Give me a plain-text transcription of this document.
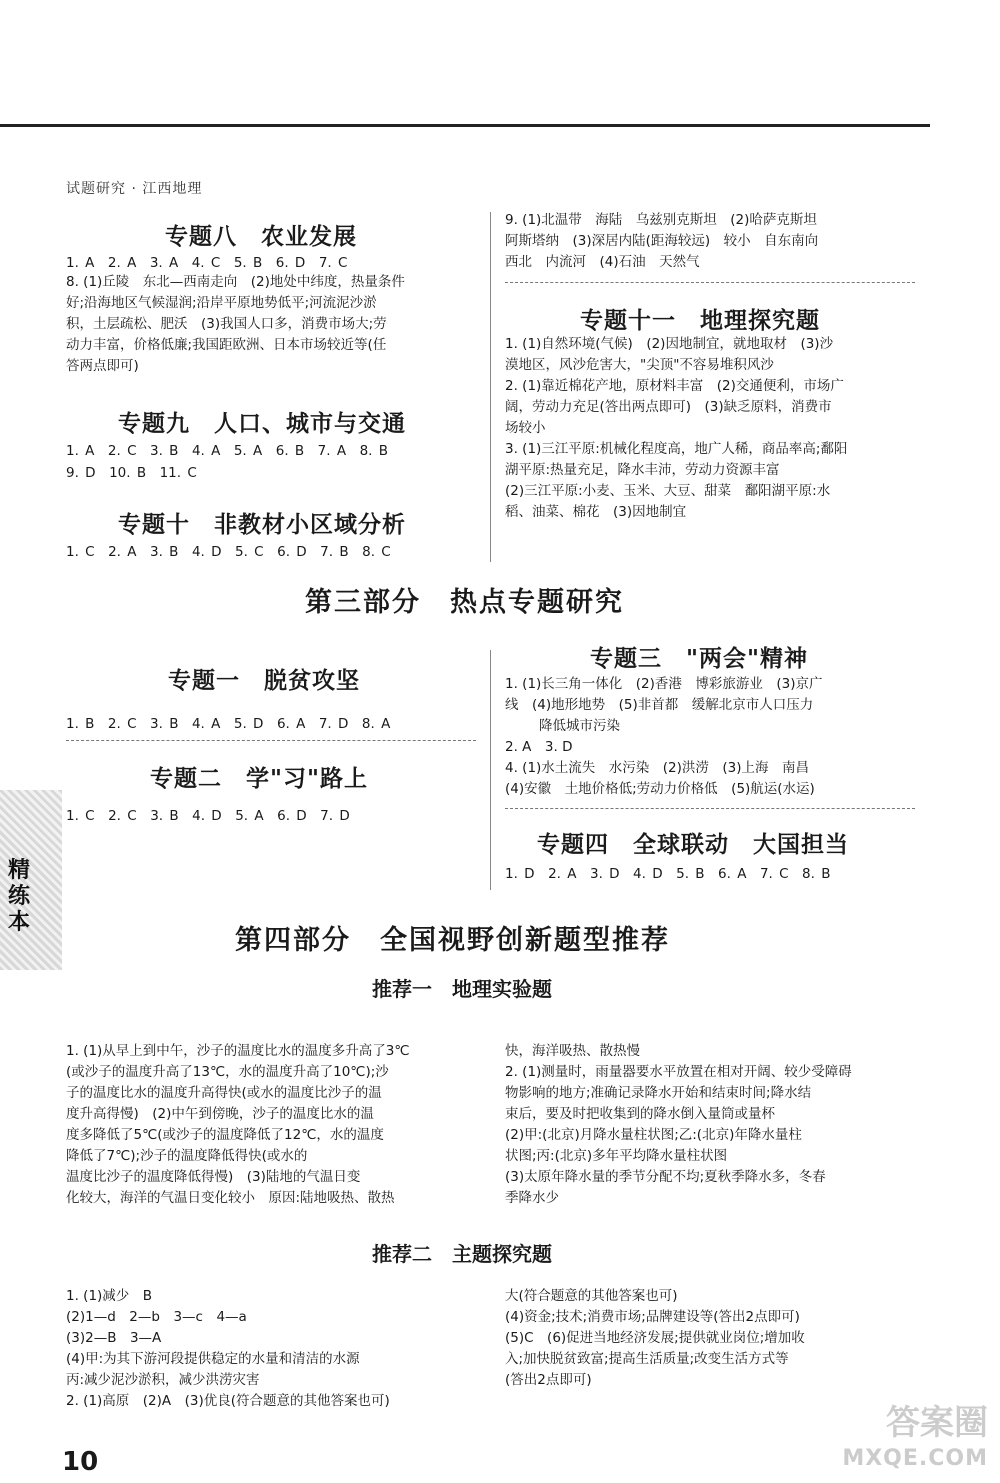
试题研究 · 江西地理
专题八　农业发展
1. A　2. A　3. A　4. C　5. B　6. D　7. C
8. (1)丘陵　东北—西南走向　(2)地处中纬度，热量条件
好;沿海地区气候湿润;沿岸平原地势低平;河流泥沙淤
积，土层疏松、肥沃　(3)我国人口多，消费市场大;劳
动力丰富，价格低廉;我国距欧洲、日本市场较近等(任
答两点即可)
专题九　人口、城市与交通
1. A　2. C　3. B　4. A　5. A　6. B　7. A　8. B
9. D　10. B　11. C
专题十　非教材小区域分析
1. C　2. A　3. B　4. D　5. C　6. D　7. B　8. C
9. (1)北温带　海陆　乌兹别克斯坦　(2)哈萨克斯坦
阿斯塔纳　(3)深居内陆(距海较远)　较小　自东南向
西北　内流河　(4)石油　天然气
专题十一　地理探究题
1. (1)自然环境(气候)　(2)因地制宜，就地取材　(3)沙
漠地区，风沙危害大，"尖顶"不容易堆积风沙
2. (1)靠近棉花产地，原材料丰富　(2)交通便利，市场广
阔，劳动力充足(答出两点即可)　(3)缺乏原料，消费市
场较小
3. (1)三江平原:机械化程度高，地广人稀，商品率高;鄱阳
湖平原:热量充足，降水丰沛，劳动力资源丰富
(2)三江平原:小麦、玉米、大豆、甜菜　鄱阳湖平原:水
稻、油菜、棉花　(3)因地制宜
第三部分　热点专题研究
专题一　脱贫攻坚
1. B　2. C　3. B　4. A　5. D　6. A　7. D　8. A
专题二　学"习"路上
1. C　2. C　3. B　4. D　5. A　6. D　7. D
专题三　"两会"精神
1. (1)长三角一体化　(2)香港　博彩旅游业　(3)京广
线　(4)地形地势　(5)非首都　缓解北京市人口压力
降低城市污染
2. A　3. D
4. (1)水土流失　水污染　(2)洪涝　(3)上海　南昌
(4)安徽　土地价格低;劳动力价格低　(5)航运(水运)
专题四　全球联动　大国担当
1. D　2. A　3. D　4. D　5. B　6. A　7. C　8. B
精练本
第四部分　全国视野创新题型推荐
推荐一　地理实验题
1. (1)从早上到中午，沙子的温度比水的温度多升高了3℃
(或沙子的温度升高了13℃，水的温度升高了10℃);沙
子的温度比水的温度升高得快(或水的温度比沙子的温
度升高得慢)　(2)中午到傍晚，沙子的温度比水的温
度多降低了5℃(或沙子的温度降低了12℃，水的温度
降低了7℃);沙子的温度降低得快(或水的
温度比沙子的温度降低得慢)　(3)陆地的气温日变
化较大，海洋的气温日变化较小　原因:陆地吸热、散热
快，海洋吸热、散热慢
2. (1)测量时，雨量器要水平放置在相对开阔、较少受障碍
物影响的地方;准确记录降水开始和结束时间;降水结
束后，要及时把收集到的降水倒入量筒或量杯
(2)甲:(北京)月降水量柱状图;乙:(北京)年降水量柱
状图;丙:(北京)多年平均降水量柱状图
(3)太原年降水量的季节分配不均;夏秋季降水多，冬春
季降水少
推荐二　主题探究题
1. (1)减少　B
(2)1—d　2—b　3—c　4—a
(3)2—B　3—A
(4)甲:为其下游河段提供稳定的水量和清洁的水源
丙:减少泥沙淤积，减少洪涝灾害
2. (1)高原　(2)A　(3)优良(符合题意的其他答案也可)
大(符合题意的其他答案也可)
(4)资金;技术;消费市场;品牌建设等(答出2点即可)
(5)C　(6)促进当地经济发展;提供就业岗位;增加收
入;加快脱贫致富;提高生活质量;改变生活方式等
(答出2点即可)
10
答案圈
MXQE.COM
